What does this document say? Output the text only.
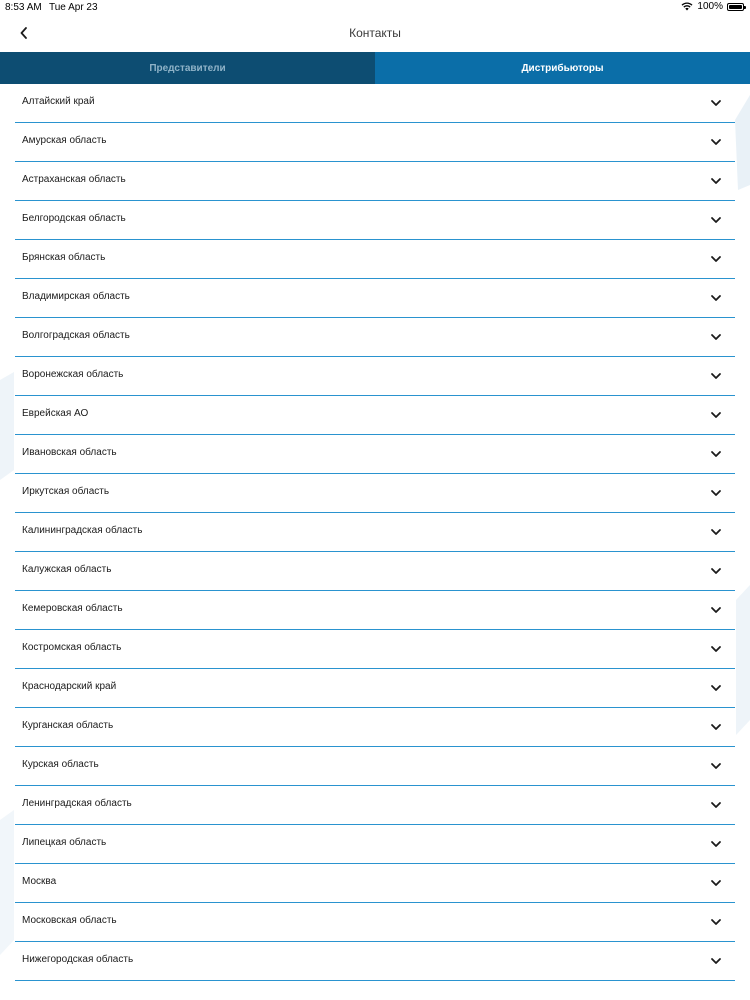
8:53 AM Tue Apr 23	100%
Контакты
Представители	Дистрибьюторы
Алтайский край
Амурская область
Астраханская область
Белгородская область
Брянская область
Владимирская область
Волгоградская область
Воронежская область
Еврейская АО
Ивановская область
Иркутская область
Калининградская область
Калужская область
Кемеровская область
Костромская область
Краснодарский край
Курганская область
Курская область
Ленинградская область
Липецкая область
Москва
Московская область
Нижегородская область
